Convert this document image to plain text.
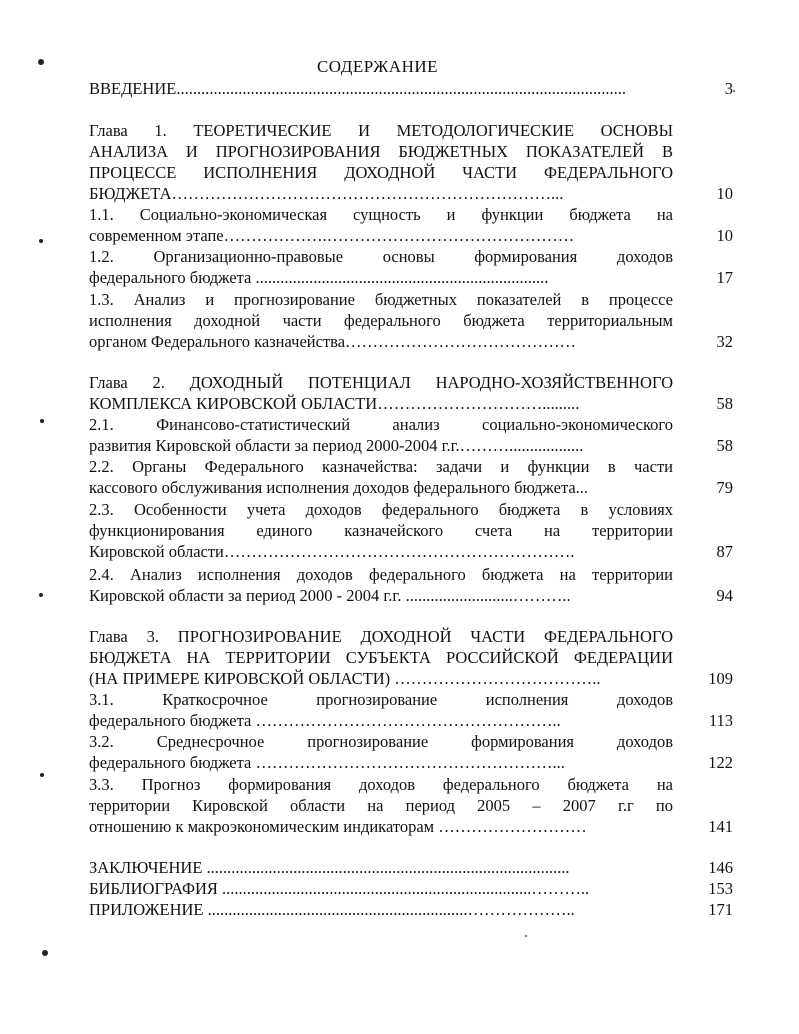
СОДЕРЖАНИЕ
ВВЕДЕНИЕ.............................................................................................................	3
Глава 1. ТЕОРЕТИЧЕСКИЕ И МЕТОДОЛОГИЧЕСКИЕ ОСНОВЫ
АНАЛИЗА И ПРОГНОЗИРОВАНИЯ БЮДЖЕТНЫХ ПОКАЗАТЕЛЕЙ В
ПРОЦЕССЕ ИСПОЛНЕНИЯ ДОХОДНОЙ ЧАСТИ ФЕДЕРАЛЬНОГО
БЮДЖЕТА……………………………………………………………...	10
1.1. Социально-экономическая сущность и функции бюджета на
современном этапе……………….………………………………………	10
1.2. Организационно-правовые основы формирования доходов
федерального бюджета .......................................................................	17
1.3. Анализ и прогнозирование бюджетных показателей в процессе
исполнения доходной части федерального бюджета территориальным
органом Федерального казначейства……………………………………	32
Глава 2. ДОХОДНЫЙ ПОТЕНЦИАЛ НАРОДНО-ХОЗЯЙСТВЕННОГО
КОМПЛЕКСА КИРОВСКОЙ ОБЛАСТИ………………………….........	58
2.1. Финансово-статистический анализ социально-экономического
развития Кировской области за период 2000-2004 г.г.………..................	58
2.2. Органы Федерального казначейства: задачи и функции в части
кассового обслуживания исполнения доходов федерального бюджета...	79
2.3. Особенности учета доходов федерального бюджета в условиях
функционирования единого казначейского счета на территории
Кировской области……………………………………………………….	87
2.4. Анализ исполнения доходов федерального бюджета на территории
Кировской области за период 2000 - 2004 г.г. ..........................………..	94
Глава 3. ПРОГНОЗИРОВАНИЕ ДОХОДНОЙ ЧАСТИ ФЕДЕРАЛЬНОГО
БЮДЖЕТА НА ТЕРРИТОРИИ СУБЪЕКТА РОССИЙСКОЙ ФЕДЕРАЦИИ
(НА ПРИМЕРЕ КИРОВСКОЙ ОБЛАСТИ) ………………………………..	109
3.1. Краткосрочное прогнозирование исполнения доходов
федерального бюджета ………………………………………………..	113
3.2. Среднесрочное прогнозирование формирования доходов
федерального бюджета ………………………………………………...	122
3.3. Прогноз формирования доходов федерального бюджета на
территории Кировской области на период 2005 – 2007 г.г по
отношению к макроэкономическим индикаторам ………………………	141
ЗАКЛЮЧЕНИЕ ........................................................................................	146
БИБЛИОГРАФИЯ ...........................................................................………..	153
ПРИЛОЖЕНИЕ ...............................................................………………..	171
